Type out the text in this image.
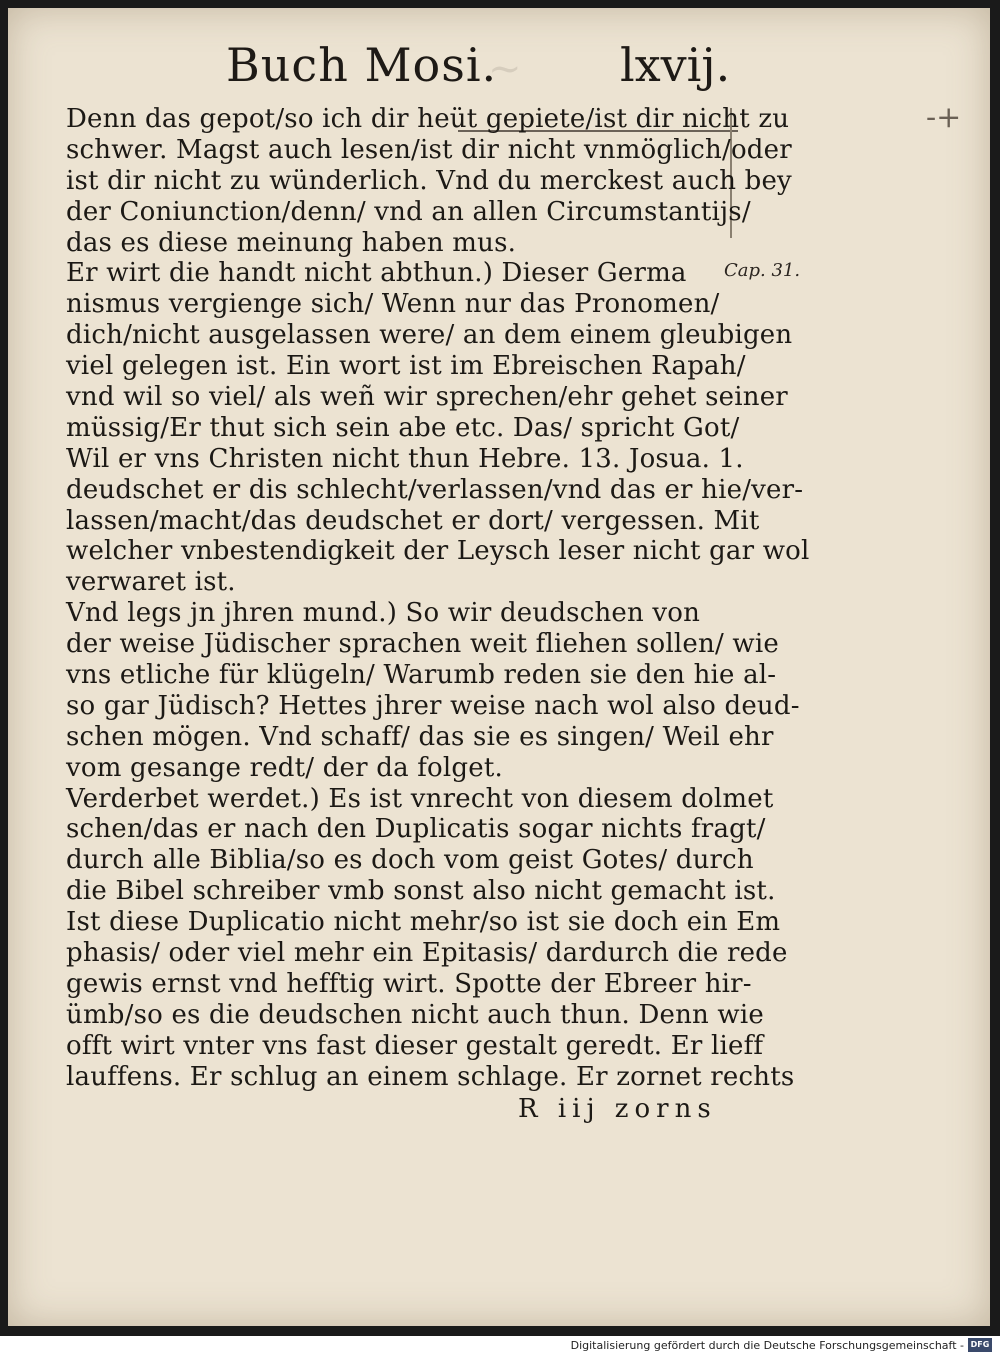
Buch Mosi.
~ lxvij.
-+
Denn das gepot/so ich dir heüt gepiete/ist dir nicht zu
schwer. Magst auch lesen/ist dir nicht vnmöglich/oder
ist dir nicht zu wünderlich. Vnd du merckest auch bey
der Coniunction/denn/ vnd an allen Circumstantijs/
das es diese meinung haben mus.
Er wirt die handt nicht abthun.) Dieser Germa
nismus vergienge sich/ Wenn nur das Pronomen/
dich/nicht ausgelassen were/ an dem einem gleubigen
viel gelegen ist. Ein wort ist im Ebreischen Rapah/
vnd wil so viel/ als weñ wir sprechen/ehr gehet seiner
müssig/Er thut sich sein abe etc. Das/ spricht Got/
Wil er vns Christen nicht thun Hebre. 13. Josua. 1.
deudschet er dis schlecht/verlassen/vnd das er hie/ver-
lassen/macht/das deudschet er dort/ vergessen. Mit
welcher vnbestendigkeit der Leysch leser nicht gar wol
verwaret ist.
Vnd legs jn jhren mund.) So wir deudschen von
der weise Jüdischer sprachen weit fliehen sollen/ wie
vns etliche für klügeln/ Warumb reden sie den hie al-
so gar Jüdisch? Hettes jhrer weise nach wol also deud-
schen mögen. Vnd schaff/ das sie es singen/ Weil ehr
vom gesange redt/ der da folget.
Verderbet werdet.) Es ist vnrecht von diesem dolmet
schen/das er nach den Duplicatis sogar nichts fragt/
durch alle Biblia/so es doch vom geist Gotes/ durch
die Bibel schreiber vmb sonst also nicht gemacht ist.
Ist diese Duplicatio nicht mehr/so ist sie doch ein Em
phasis/ oder viel mehr ein Epitasis/ dardurch die rede
gewis ernst vnd hefftig wirt. Spotte der Ebreer hir-
ümb/so es die deudschen nicht auch thun. Denn wie
offt wirt vnter vns fast dieser gestalt geredt. Er lieff
lauffens. Er schlug an einem schlage. Er zornet rechts
Cap. 31.
R iij zorns
Digitalisierung gefördert durch die Deutsche Forschungsgemeinschaft - DFG
